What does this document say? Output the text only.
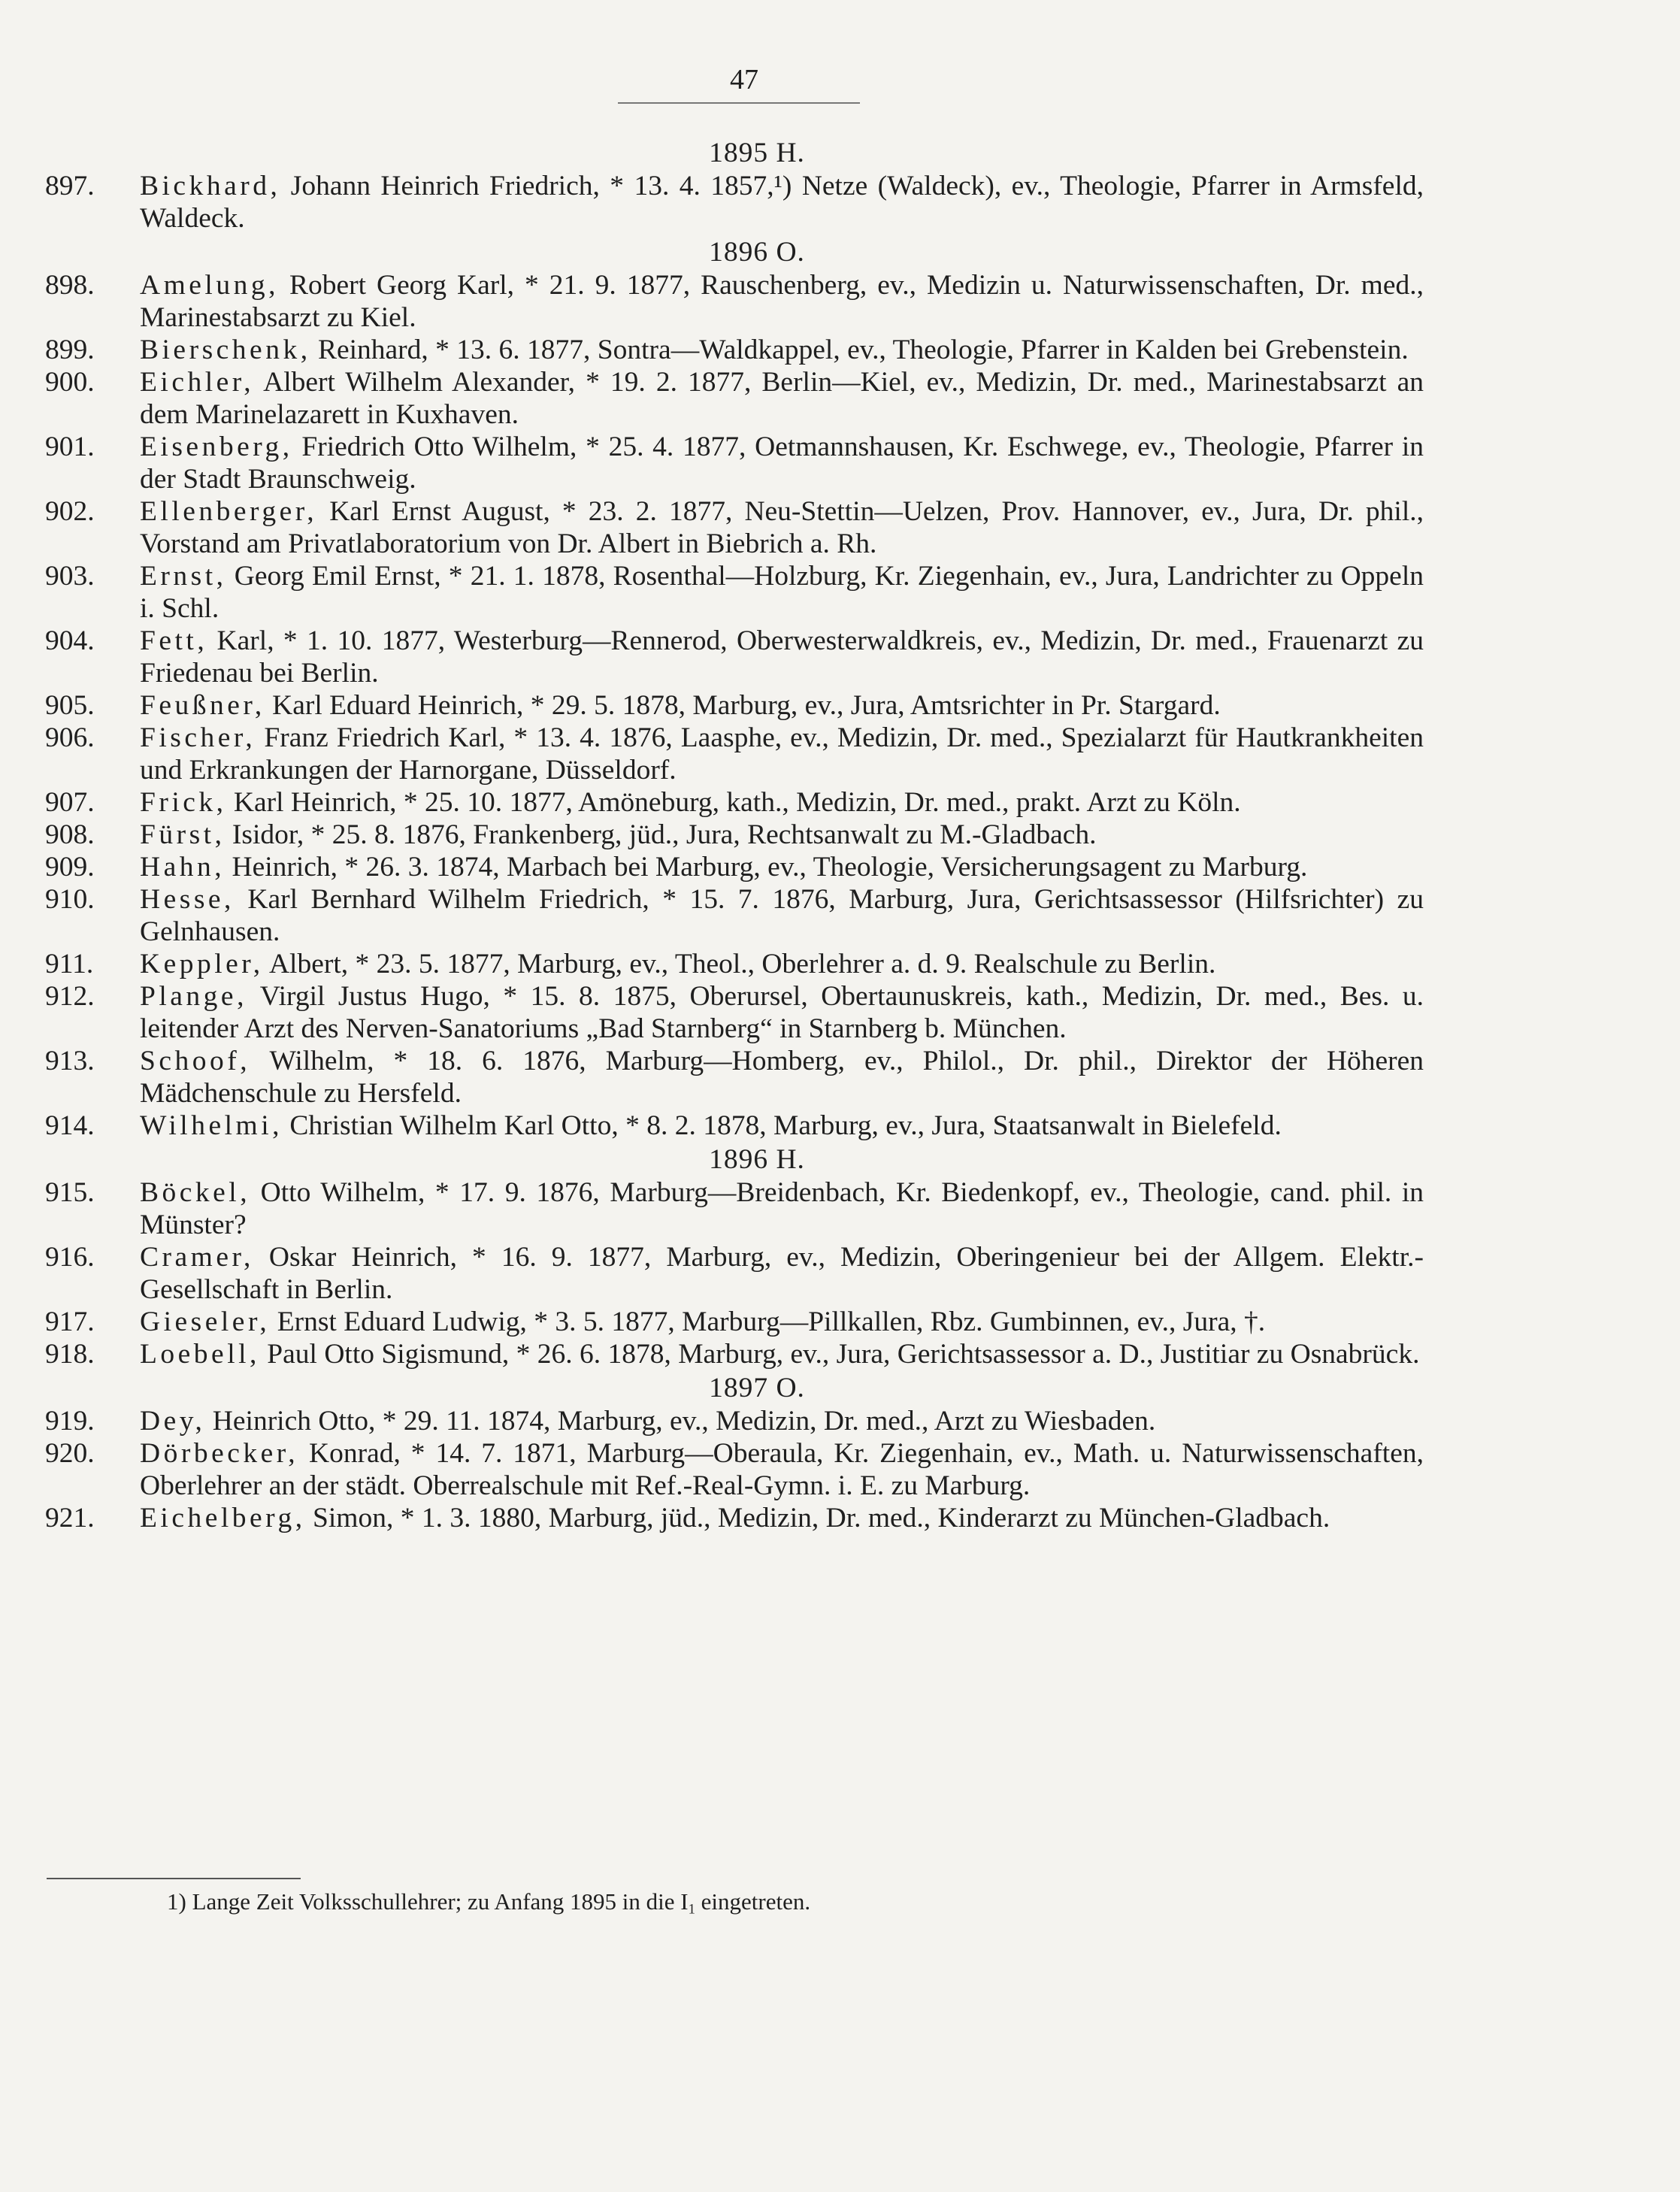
47
1895 H.
897.	Bickhard, Johann Heinrich Friedrich, * 13. 4. 1857,¹) Netze (Waldeck), ev., Theologie, Pfarrer in Armsfeld, Waldeck.
1896 O.
898.	Amelung, Robert Georg Karl, * 21. 9. 1877, Rauschenberg, ev., Medizin u. Naturwissenschaften, Dr. med., Marinestabsarzt zu Kiel.
899.	Bierschenk, Reinhard, * 13. 6. 1877, Sontra—Waldkappel, ev., Theologie, Pfarrer in Kalden bei Grebenstein.
900.	Eichler, Albert Wilhelm Alexander, * 19. 2. 1877, Berlin—Kiel, ev., Medizin, Dr. med., Marinestabsarzt an dem Marinelazarett in Kuxhaven.
901.	Eisenberg, Friedrich Otto Wilhelm, * 25. 4. 1877, Oetmannshausen, Kr. Eschwege, ev., Theologie, Pfarrer in der Stadt Braunschweig.
902.	Ellenberger, Karl Ernst August, * 23. 2. 1877, Neu-Stettin—Uelzen, Prov. Hannover, ev., Jura, Dr. phil., Vorstand am Privatlaboratorium von Dr. Albert in Biebrich a. Rh.
903.	Ernst, Georg Emil Ernst, * 21. 1. 1878, Rosenthal—Holzburg, Kr. Ziegenhain, ev., Jura, Landrichter zu Oppeln i. Schl.
904.	Fett, Karl, * 1. 10. 1877, Westerburg—Rennerod, Oberwesterwaldkreis, ev., Medizin, Dr. med., Frauenarzt zu Friedenau bei Berlin.
905.	Feußner, Karl Eduard Heinrich, * 29. 5. 1878, Marburg, ev., Jura, Amtsrichter in Pr. Stargard.
906.	Fischer, Franz Friedrich Karl, * 13. 4. 1876, Laasphe, ev., Medizin, Dr. med., Spezialarzt für Hautkrankheiten und Erkrankungen der Harnorgane, Düsseldorf.
907.	Frick, Karl Heinrich, * 25. 10. 1877, Amöneburg, kath., Medizin, Dr. med., prakt. Arzt zu Köln.
908.	Fürst, Isidor, * 25. 8. 1876, Frankenberg, jüd., Jura, Rechtsanwalt zu M.-Gladbach.
909.	Hahn, Heinrich, * 26. 3. 1874, Marbach bei Marburg, ev., Theologie, Versicherungsagent zu Marburg.
910.	Hesse, Karl Bernhard Wilhelm Friedrich, * 15. 7. 1876, Marburg, Jura, Gerichtsassessor (Hilfsrichter) zu Gelnhausen.
911.	Keppler, Albert, * 23. 5. 1877, Marburg, ev., Theol., Oberlehrer a. d. 9. Realschule zu Berlin.
912.	Plange, Virgil Justus Hugo, * 15. 8. 1875, Oberursel, Obertaunuskreis, kath., Medizin, Dr. med., Bes. u. leitender Arzt des Nerven-Sanatoriums „Bad Starnberg“ in Starnberg b. München.
913.	Schoof, Wilhelm, * 18. 6. 1876, Marburg—Homberg, ev., Philol., Dr. phil., Direktor der Höheren Mädchenschule zu Hersfeld.
914.	Wilhelmi, Christian Wilhelm Karl Otto, * 8. 2. 1878, Marburg, ev., Jura, Staatsanwalt in Bielefeld.
1896 H.
915.	Böckel, Otto Wilhelm, * 17. 9. 1876, Marburg—Breidenbach, Kr. Biedenkopf, ev., Theologie, cand. phil. in Münster?
916.	Cramer, Oskar Heinrich, * 16. 9. 1877, Marburg, ev., Medizin, Oberingenieur bei der Allgem. Elektr.-Gesellschaft in Berlin.
917.	Gieseler, Ernst Eduard Ludwig, * 3. 5. 1877, Marburg—Pillkallen, Rbz. Gumbinnen, ev., Jura, †.
918.	Loebell, Paul Otto Sigismund, * 26. 6. 1878, Marburg, ev., Jura, Gerichtsassessor a. D., Justitiar zu Osnabrück.
1897 O.
919.	Dey, Heinrich Otto, * 29. 11. 1874, Marburg, ev., Medizin, Dr. med., Arzt zu Wiesbaden.
920.	Dörbecker, Konrad, * 14. 7. 1871, Marburg—Oberaula, Kr. Ziegenhain, ev., Math. u. Naturwissenschaften, Oberlehrer an der städt. Oberrealschule mit Ref.-Real-Gymn. i. E. zu Marburg.
921.	Eichelberg, Simon, * 1. 3. 1880, Marburg, jüd., Medizin, Dr. med., Kinderarzt zu München-Gladbach.
1) Lange Zeit Volksschullehrer; zu Anfang 1895 in die $I_1$ eingetreten.
